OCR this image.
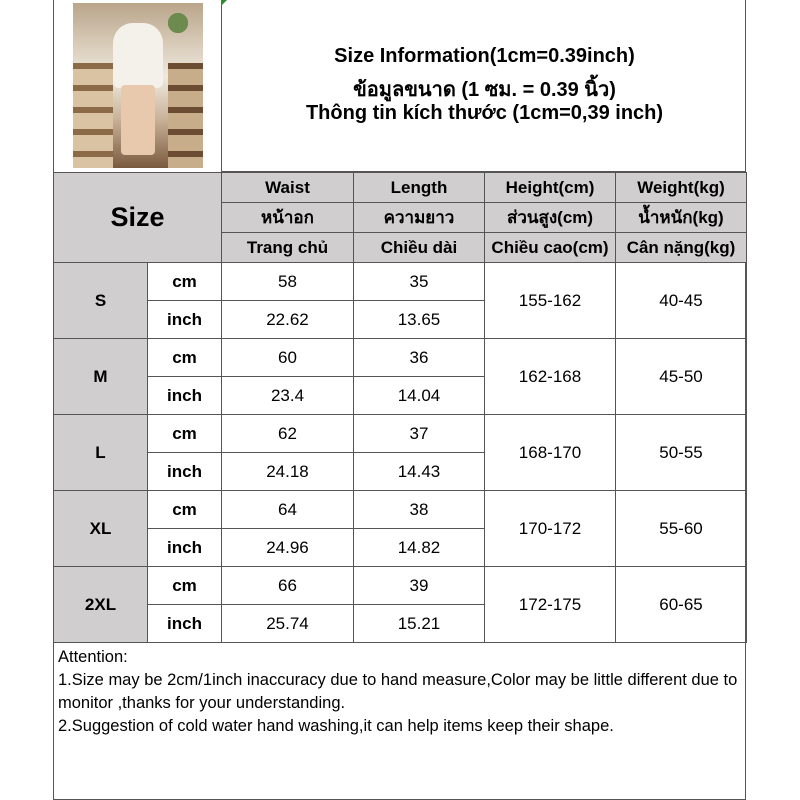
Size Information(1cm=0.39inch)
ข้อมูลขนาด (1 ซม. = 0.39 นิ้ว)
Thông tin kích thước (1cm=0,39 inch)
Size		Waist	Length	Height(cm)	Weight(kg)
		หน้าอก	ความยาว	ส่วนสูง(cm)	น้ำหนัก(kg)
		Trang chủ	Chiều dài	Chiều cao(cm)	Cân nặng(kg)
S	cm	58	35	155-162	40-45
	inch	22.62	13.65		
M	cm	60	36	162-168	45-50
	inch	23.4	14.04		
L	cm	62	37	168-170	50-55
	inch	24.18	14.43		
XL	cm	64	38	170-172	55-60
	inch	24.96	14.82		
2XL	cm	66	39	172-175	60-65
	inch	25.74	15.21		
Attention:
1.Size may be 2cm/1inch inaccuracy due to hand measure,Color may be little different due to monitor ,thanks for your understanding.
2.Suggestion of cold water hand washing,it can help items keep their shape.
